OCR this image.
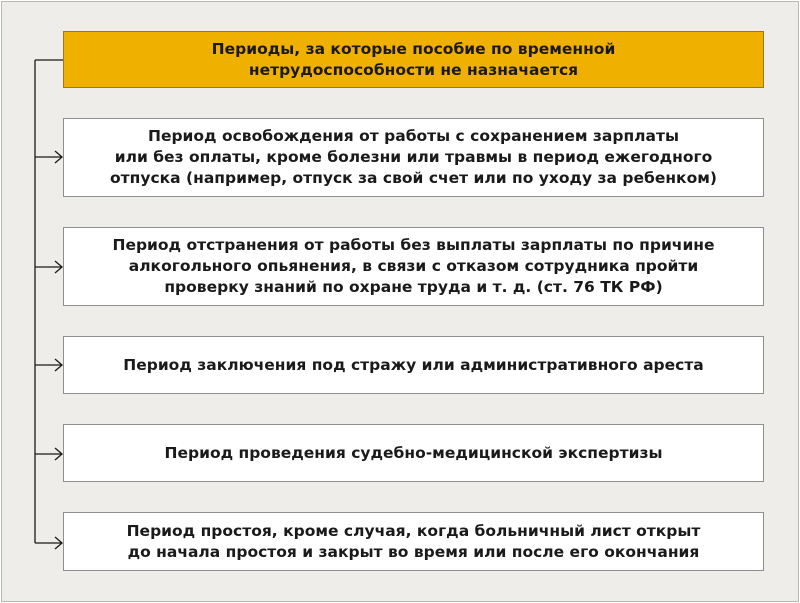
Периоды, за которые пособие по временной
нетрудоспособности не назначается
Период освобождения от работы с сохранением зарплаты
или без оплаты, кроме болезни или травмы в период ежегодного
отпуска (например, отпуск за свой счет или по уходу за ребенком)
Период отстранения от работы без выплаты зарплаты по причине
алкогольного опьянения, в связи с отказом сотрудника пройти
проверку знаний по охране труда и т. д. (ст. 76 ТК РФ)
Период заключения под стражу или административного ареста
Период проведения судебно-медицинской экспертизы
Период простоя, кроме случая, когда больничный лист открыт
до начала простоя и закрыт во время или после его окончания
